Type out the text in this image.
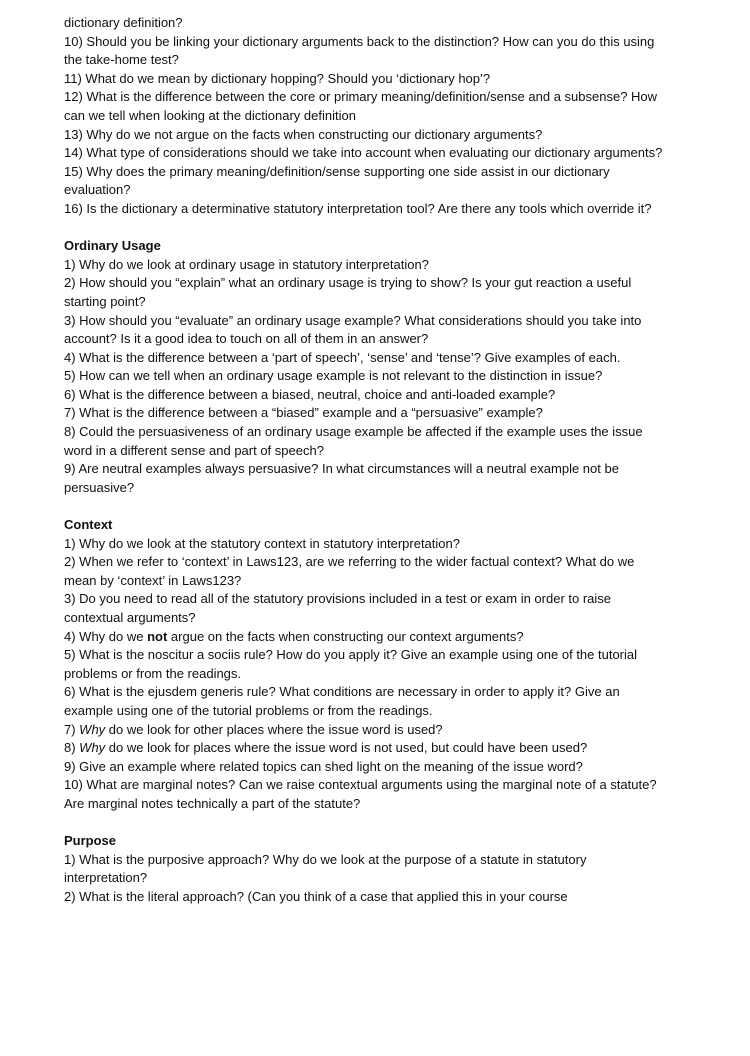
dictionary definition?
10) Should you be linking your dictionary arguments back to the distinction? How can you do this using the take-home test?
11) What do we mean by dictionary hopping? Should you ‘dictionary hop’?
12) What is the difference between the core or primary meaning/definition/sense and a subsense? How can we tell when looking at the dictionary definition
13) Why do we not argue on the facts when constructing our dictionary arguments?
14) What type of considerations should we take into account when evaluating our dictionary arguments?
15) Why does the primary meaning/definition/sense supporting one side assist in our dictionary evaluation?
16) Is the dictionary a determinative statutory interpretation tool? Are there any tools which override it?
Ordinary Usage
1) Why do we look at ordinary usage in statutory interpretation?
2) How should you “explain” what an ordinary usage is trying to show? Is your gut reaction a useful starting point?
3) How should you “evaluate” an ordinary usage example? What considerations should you take into account? Is it a good idea to touch on all of them in an answer?
4) What is the difference between a ‘part of speech’, ‘sense’ and ‘tense’? Give examples of each.
5) How can we tell when an ordinary usage example is not relevant to the distinction in issue?
6) What is the difference between a biased, neutral, choice and anti-loaded example?
7) What is the difference between a “biased” example and a “persuasive” example?
8) Could the persuasiveness of an ordinary usage example be affected if the example uses the issue word in a different sense and part of speech?
9) Are neutral examples always persuasive? In what circumstances will a neutral example not be persuasive?
Context
1) Why do we look at the statutory context in statutory interpretation?
2) When we refer to ‘context’ in Laws123, are we referring to the wider factual context? What do we mean by ‘context’ in Laws123?
3) Do you need to read all of the statutory provisions included in a test or exam in order to raise contextual arguments?
4) Why do we not argue on the facts when constructing our context arguments?
5) What is the noscitur a sociis rule? How do you apply it? Give an example using one of the tutorial problems or from the readings.
6) What is the ejusdem generis rule? What conditions are necessary in order to apply it? Give an example using one of the tutorial problems or from the readings.
7) Why do we look for other places where the issue word is used?
8) Why do we look for places where the issue word is not used, but could have been used?
9) Give an example where related topics can shed light on the meaning of the issue word?
10) What are marginal notes? Can we raise contextual arguments using the marginal note of a statute? Are marginal notes technically a part of the statute?
Purpose
1) What is the purposive approach? Why do we look at the purpose of a statute in statutory interpretation?
2) What is the literal approach? (Can you think of a case that applied this in your course
